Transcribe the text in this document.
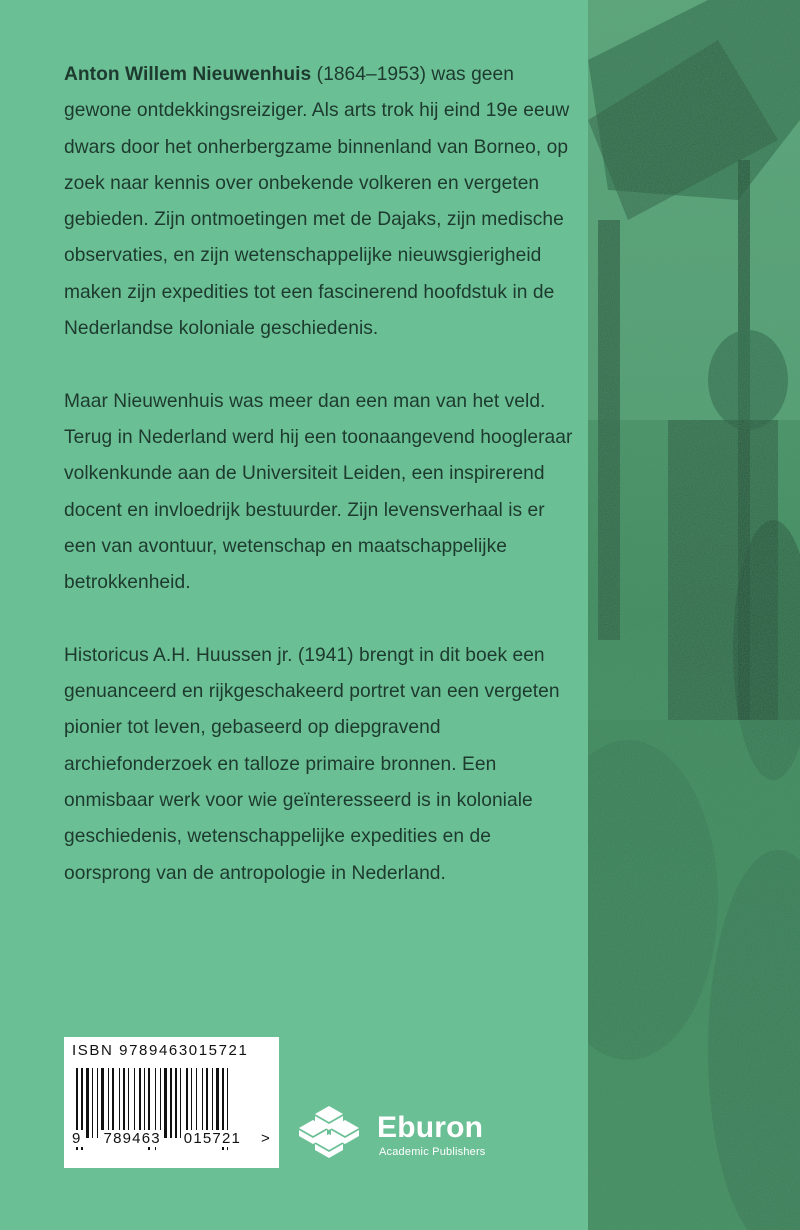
Anton Willem Nieuwenhuis (1864–1953) was geen gewone ontdekkingsreiziger. Als arts trok hij eind 19e eeuw dwars door het onherbergzame binnenland van Borneo, op zoek naar kennis over onbekende volkeren en vergeten gebieden. Zijn ontmoetingen met de Dajaks, zijn medische observaties, en zijn wetenschappelijke nieuwsgierigheid maken zijn expedities tot een fascinerend hoofdstuk in de Nederlandse koloniale geschiedenis.

Maar Nieuwenhuis was meer dan een man van het veld. Terug in Nederland werd hij een toonaangevend hoogleraar volkenkunde aan de Universiteit Leiden, een inspirerend docent en invloedrijk bestuurder. Zijn levensverhaal is er een van avontuur, wetenschap en maatschappelijke betrokkenheid.

Historicus A.H. Huussen jr. (1941) brengt in dit boek een genuanceerd en rijkgeschakeerd portret van een vergeten pionier tot leven, gebaseerd op diepgravend archiefonderzoek en talloze primaire bronnen. Een onmisbaar werk voor wie geïnteresseerd is in koloniale geschiedenis, wetenschappelijke expedities en de oorsprong van de antropologie in Nederland.

ISBN 9789463015721
9 789463 015721 >	Eburon
Academic Publishers
